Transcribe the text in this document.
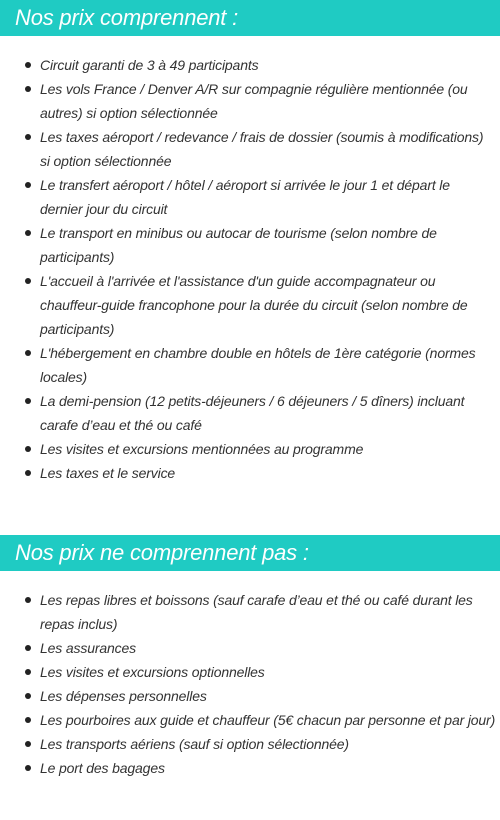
Nos prix comprennent :
Circuit garanti de 3 à 49 participants
Les vols France / Denver A/R sur compagnie régulière mentionnée (ou autres) si option sélectionnée
Les taxes aéroport / redevance / frais de dossier (soumis à modifications) si option sélectionnée
Le transfert aéroport / hôtel / aéroport si arrivée le jour 1 et départ le dernier jour du circuit
Le transport en minibus ou autocar de tourisme (selon nombre de participants)
L'accueil à l'arrivée et l'assistance d'un guide accompagnateur ou chauffeur-guide francophone pour la durée du circuit (selon nombre de participants)
L'hébergement en chambre double en hôtels de 1ère catégorie (normes locales)
La demi-pension (12 petits-déjeuners / 6 déjeuners / 5 dîners) incluant carafe d’eau et thé ou café
Les visites et excursions mentionnées au programme
Les taxes et le service
Nos prix ne comprennent pas :
Les repas libres et boissons (sauf carafe d’eau et thé ou café durant les repas inclus)
Les assurances
Les visites et excursions optionnelles
Les dépenses personnelles
Les pourboires aux guide et chauffeur (5€ chacun par personne et par jour)
Les transports aériens (sauf si option sélectionnée)
Le port des bagages
